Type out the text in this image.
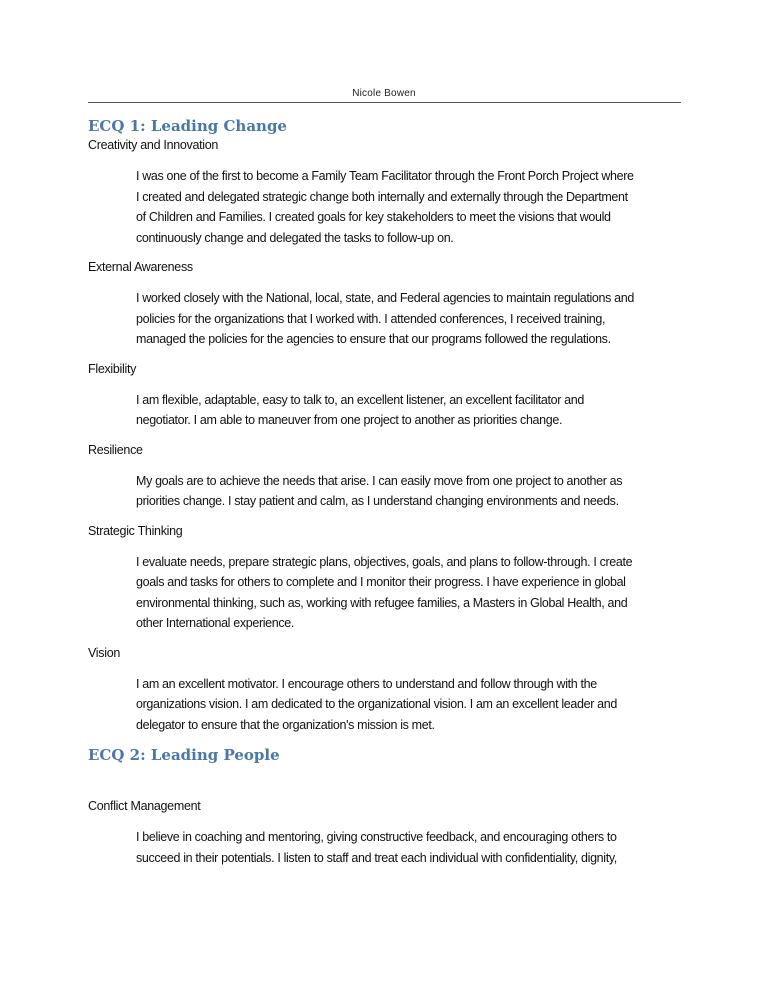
Nicole Bowen
ECQ 1: Leading Change

Creativity and Innovation

I was one of the first to become a Family Team Facilitator through the Front Porch Project where
I created and delegated strategic change both internally and externally through the Department
of Children and Families. I created goals for key stakeholders to meet the visions that would
continuously change and delegated the tasks to follow-up on.

External Awareness

I worked closely with the National, local, state, and Federal agencies to maintain regulations and
policies for the organizations that I worked with. I attended conferences, I received training,
managed the policies for the agencies to ensure that our programs followed the regulations.

Flexibility

I am flexible, adaptable, easy to talk to, an excellent listener, an excellent facilitator and
negotiator. I am able to maneuver from one project to another as priorities change.

Resilience

My goals are to achieve the needs that arise. I can easily move from one project to another as
priorities change. I stay patient and calm, as I understand changing environments and needs.

Strategic Thinking

I evaluate needs, prepare strategic plans, objectives, goals, and plans to follow-through. I create
goals and tasks for others to complete and I monitor their progress. I have experience in global
environmental thinking, such as, working with refugee families, a Masters in Global Health, and
other International experience.

Vision

I am an excellent motivator. I encourage others to understand and follow through with the
organizations vision. I am dedicated to the organizational vision. I am an excellent leader and
delegator to ensure that the organization's mission is met.
ECQ 2: Leading People

Conflict Management

I believe in coaching and mentoring, giving constructive feedback, and encouraging others to
succeed in their potentials. I listen to staff and treat each individual with confidentiality, dignity,
